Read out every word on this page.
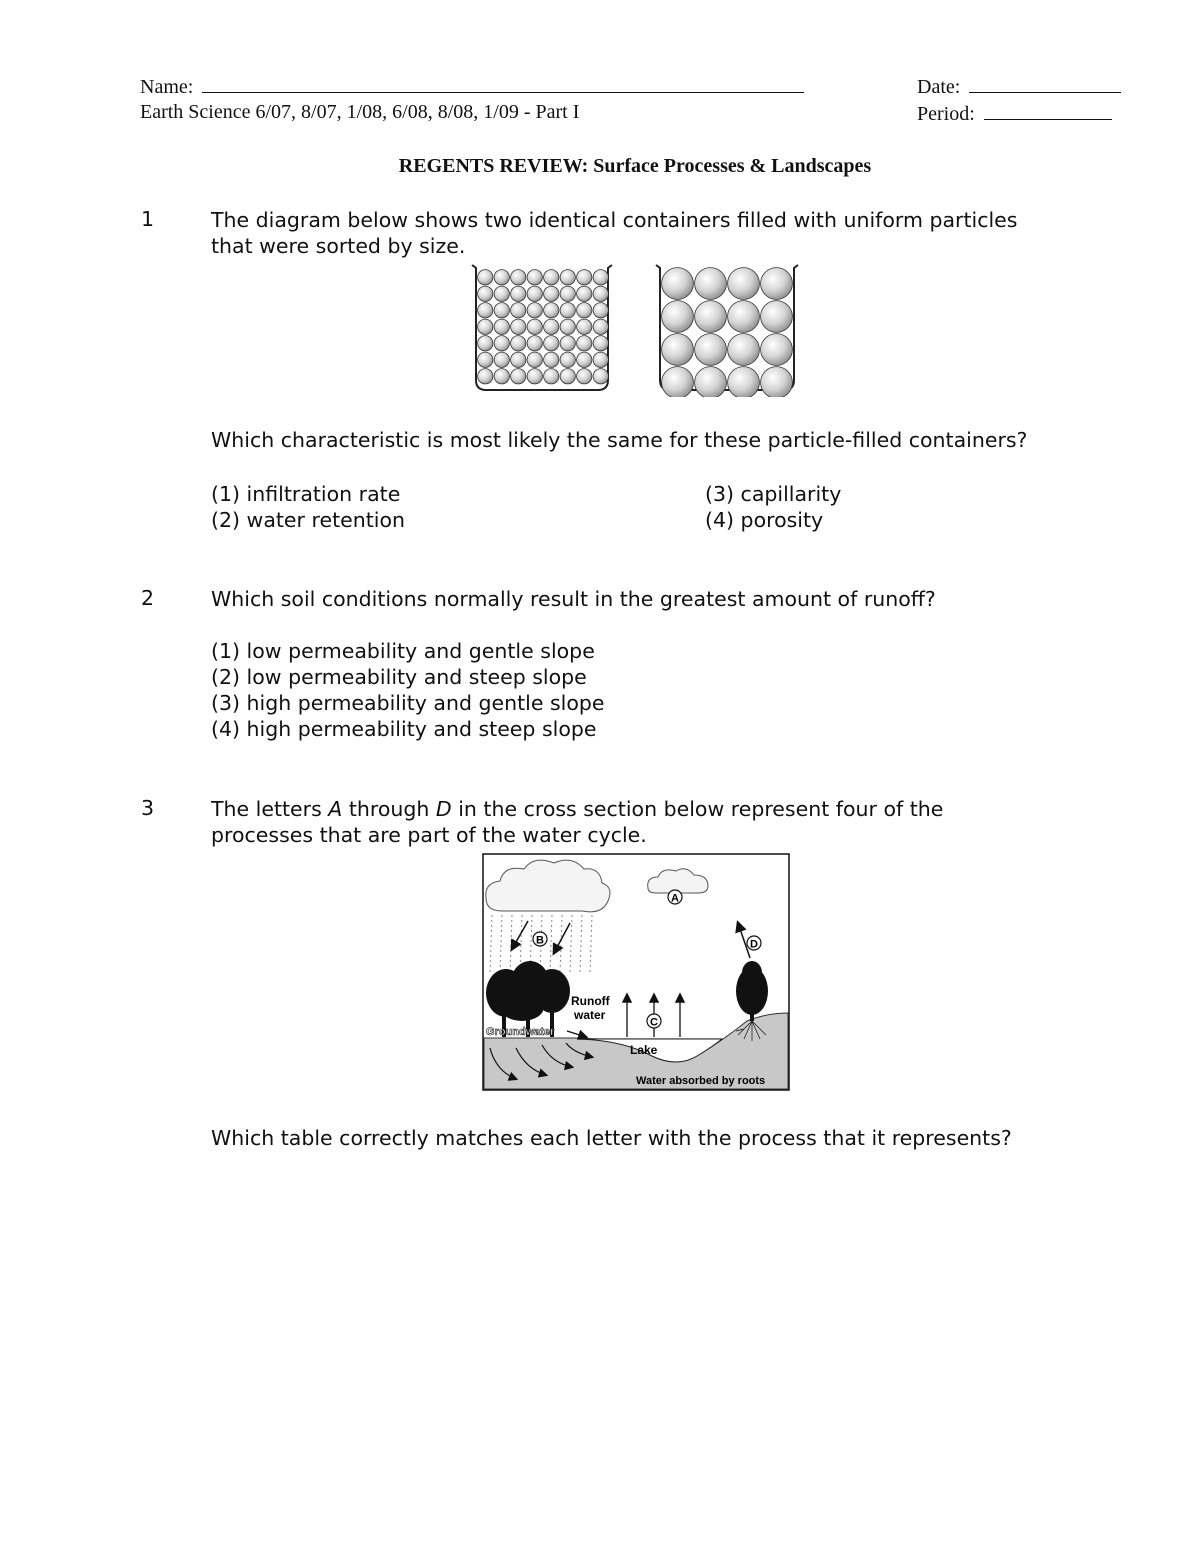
Name:	Date:
Earth Science 6/07, 8/07, 1/08, 6/08, 8/08, 1/09 - Part I	Period:
REGENTS REVIEW: Surface Processes & Landscapes
1	The diagram below shows two identical containers filled with uniform particles
that were sorted by size.
Which characteristic is most likely the same for these particle-filled containers?
(1) infiltration rate
(2) water retention
(3) capillarity
(4) porosity
2	Which soil conditions normally result in the greatest amount of runoff?
(1) low permeability and gentle slope
(2) low permeability and steep slope
(3) high permeability and gentle slope
(4) high permeability and steep slope
3	The letters A through D in the cross section below represent four of the
processes that are part of the water cycle.
B
A
D
C
Runoff
water
Groundwater
Lake
Water absorbed by roots
Which table correctly matches each letter with the process that it represents?
